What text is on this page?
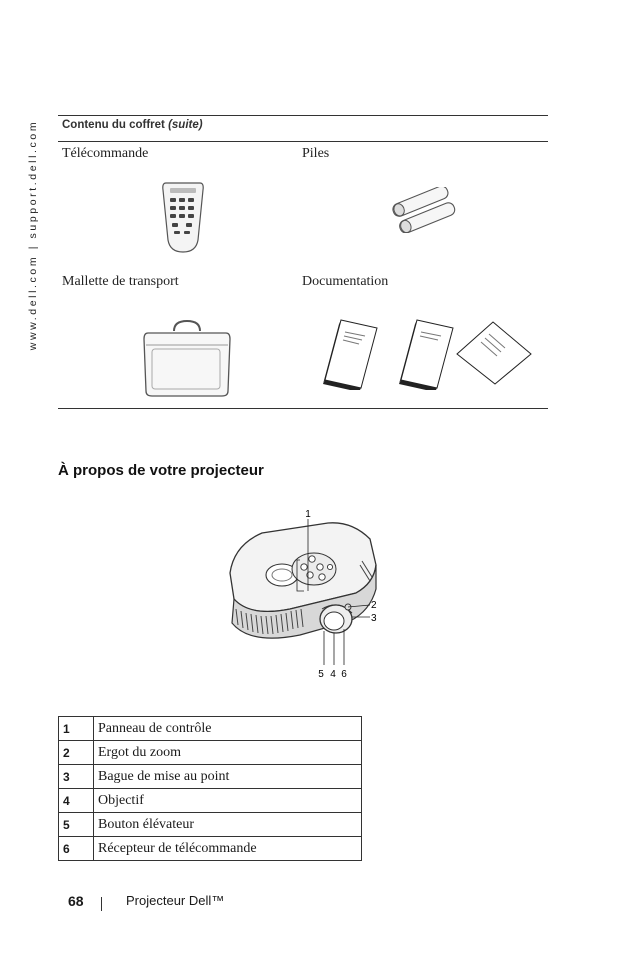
www.dell.com | support.dell.com Contenu du coffret (suite)
Télécommande	Piles
Mallette de transport	Documentation
À propos de votre projecteur
1
2
3
5 4 6
1	Panneau de contrôle
2	Ergot du zoom
3	Bague de mise au point
4	Objectif
5	Bouton élévateur
6	Récepteur de télécommande
68	Projecteur Dell™
